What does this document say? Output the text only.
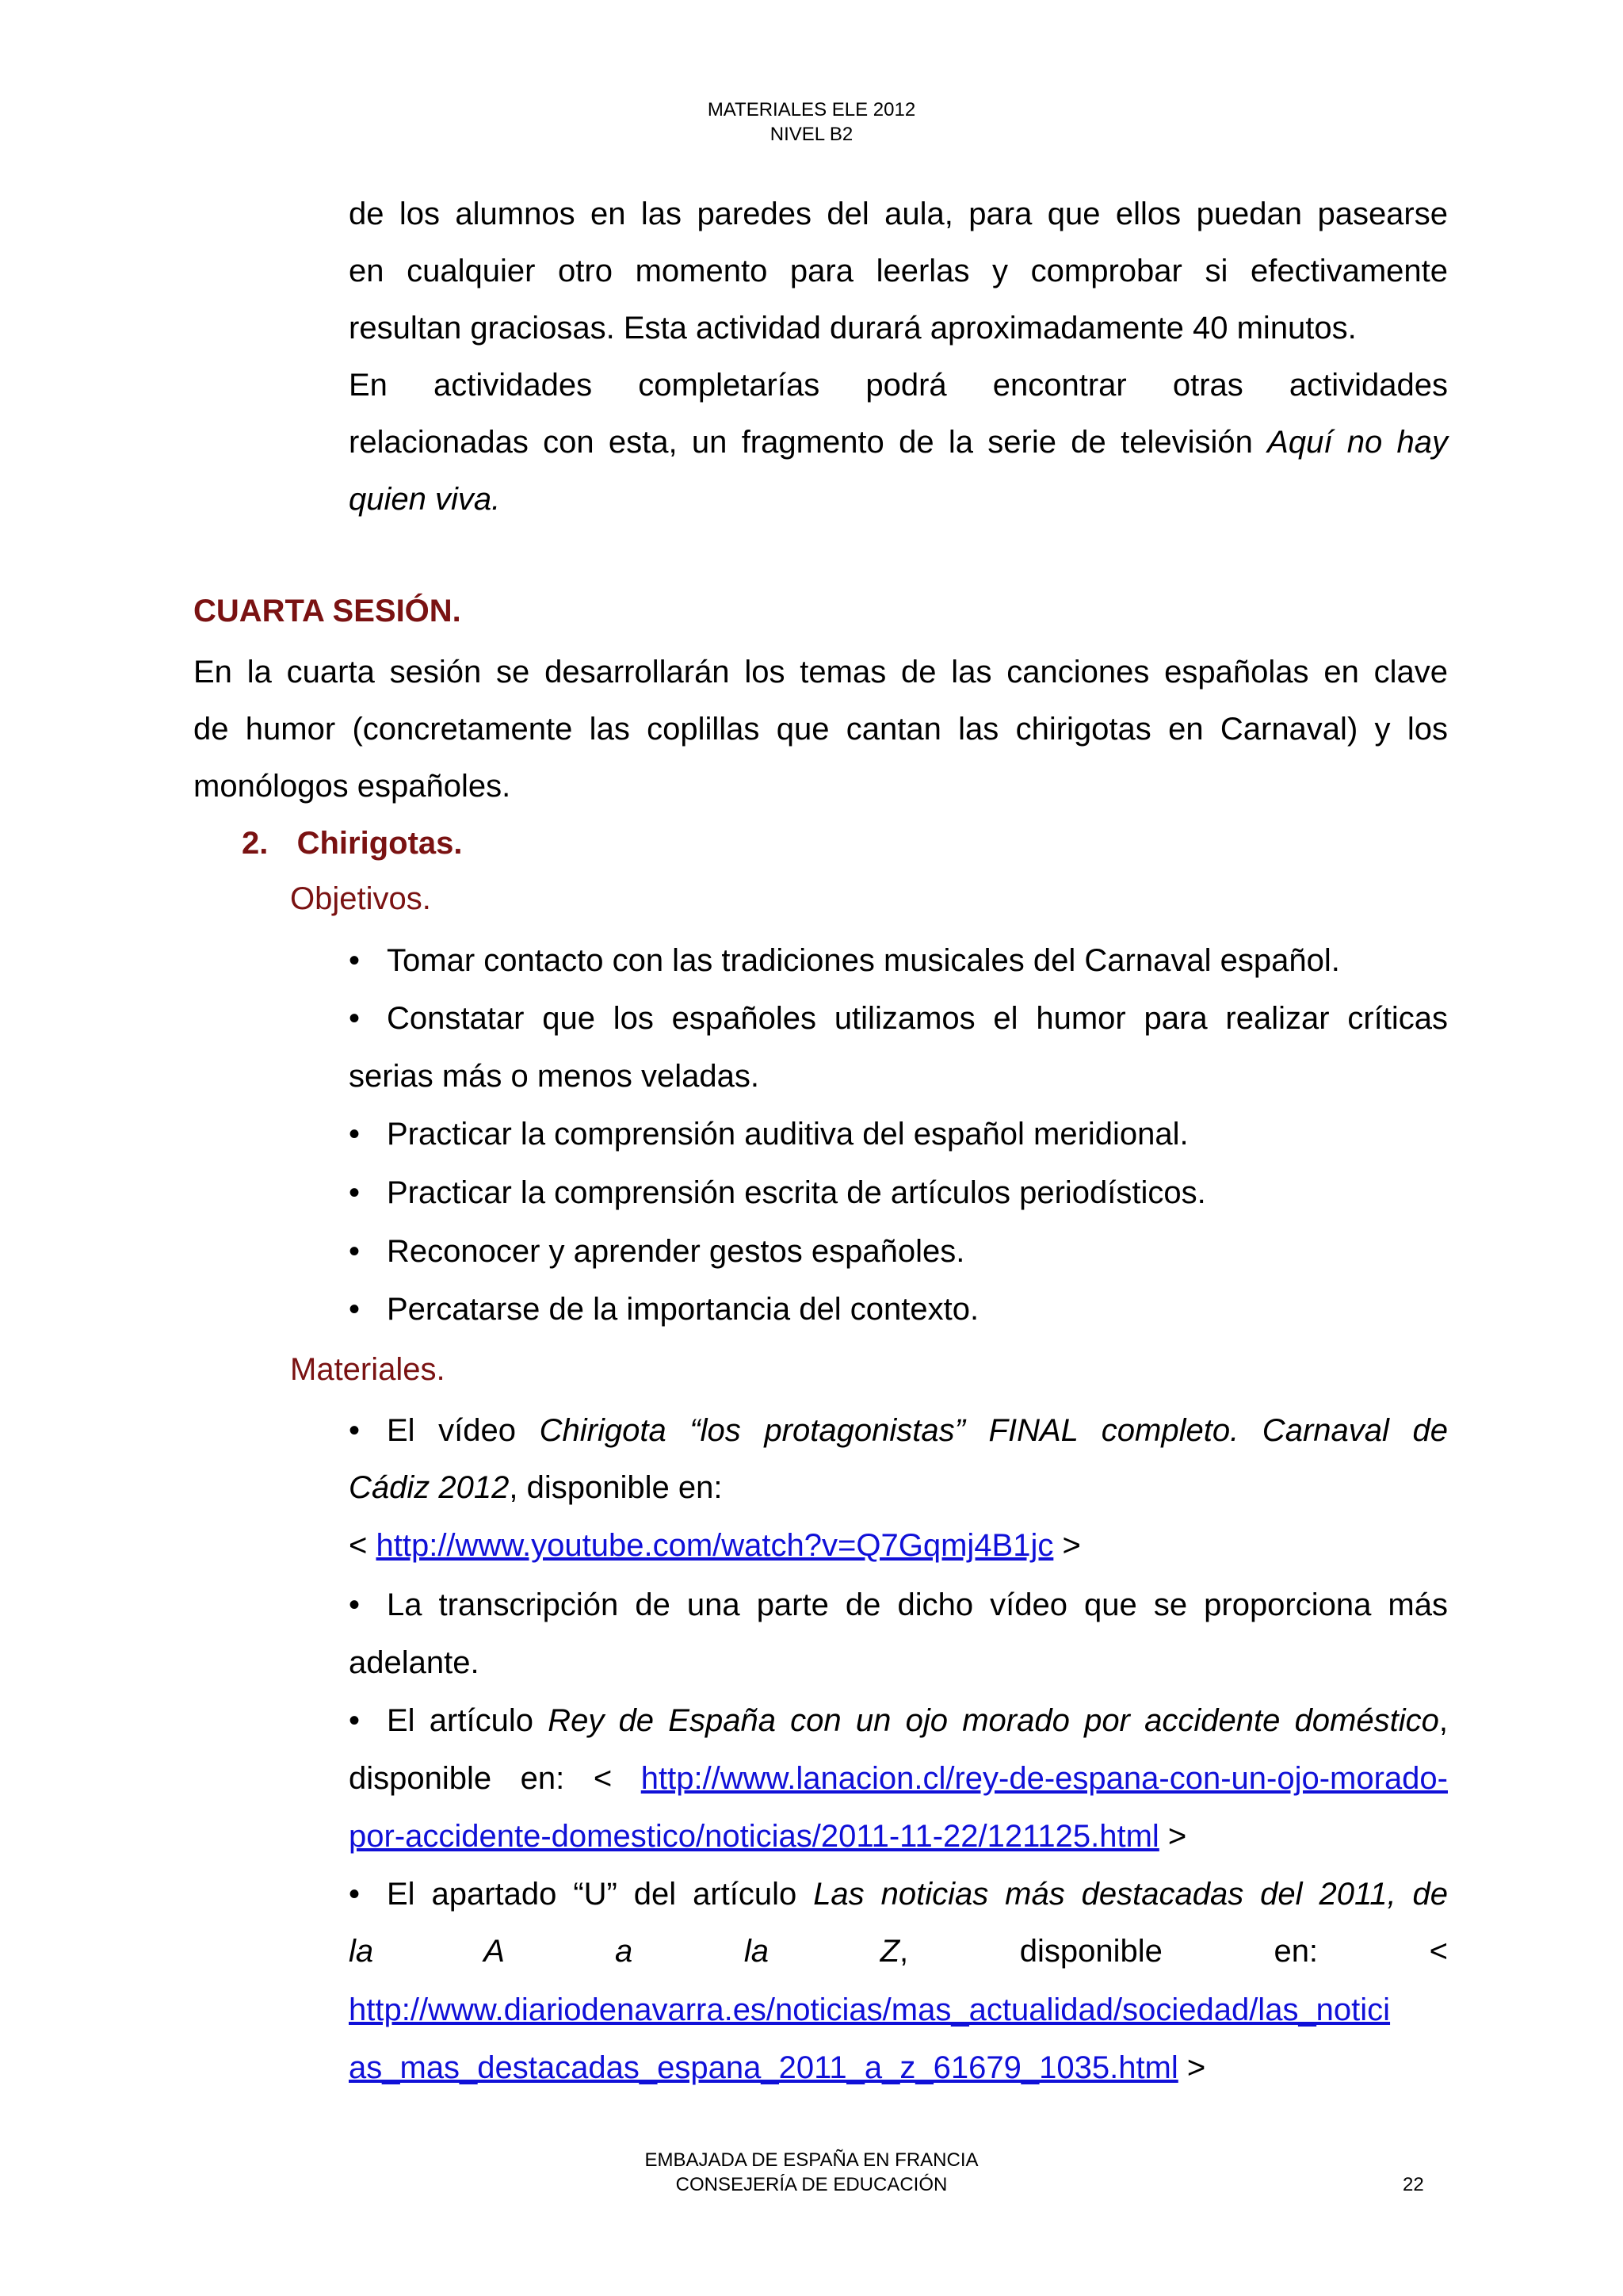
MATERIALES ELE 2012
NIVEL B2
de los alumnos en las paredes del aula, para que ellos puedan pasearse
en cualquier otro momento para leerlas y comprobar si efectivamente
resultan graciosas. Esta actividad durará aproximadamente 40 minutos.
En actividades completarías podrá encontrar otras actividades
relacionadas con esta, un fragmento de la serie de televisión Aquí no hay
quien viva.
CUARTA SESIÓN.
En la cuarta sesión se desarrollarán los temas de las canciones españolas en clave
de humor (concretamente las coplillas que cantan las chirigotas en Carnaval) y los
monólogos españoles.
2. Chirigotas.
Objetivos.
• Tomar contacto con las tradiciones musicales del Carnaval español.
• Constatar que los españoles utilizamos el humor para realizar críticas
serias más o menos veladas.
• Practicar la comprensión auditiva del español meridional.
• Practicar la comprensión escrita de artículos periodísticos.
• Reconocer y aprender gestos españoles.
• Percatarse de la importancia del contexto.
Materiales.
• El vídeo Chirigota “los protagonistas” FINAL completo. Carnaval de
Cádiz 2012, disponible en:
< http://www.youtube.com/watch?v=Q7Gqmj4B1jc >
• La transcripción de una parte de dicho vídeo que se proporciona más
adelante.
• El artículo Rey de España con un ojo morado por accidente doméstico,
disponible en: < http://www.lanacion.cl/rey-de-espana-con-un-ojo-morado-
por-accidente-domestico/noticias/2011-11-22/121125.html >
• El apartado “U” del artículo Las noticias más destacadas del 2011, de
la A a la Z, disponible en: <
http://www.diariodenavarra.es/noticias/mas_actualidad/sociedad/las_notici
as_mas_destacadas_espana_2011_a_z_61679_1035.html >
EMBAJADA DE ESPAÑA EN FRANCIA
CONSEJERÍA DE EDUCACIÓN	22
